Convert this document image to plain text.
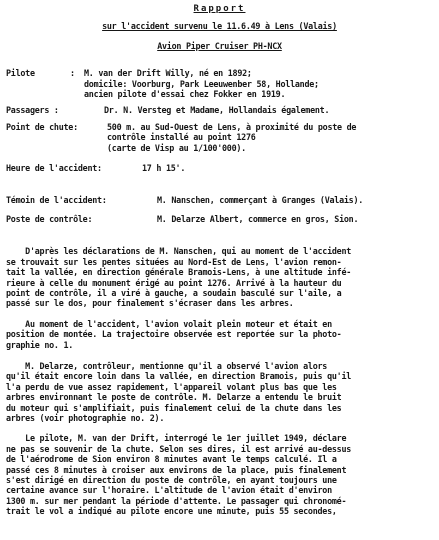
Rapport
sur l'accident survenu le 11.6.49 à Lens (Valais)
Avion Piper Cruiser PH-NCX
Pilote	:	M. van der Drift Willy, né en 1892;
domicile: Voorburg, Park Leeuwenber 58, Hollande;
ancien pilote d'essai chez Fokker en 1919.
Passagers :	Dr. N. Versteg et Madame, Hollandais également.
Point de chute:	500 m. au Sud-Ouest de Lens, à proximité du poste de
contrôle installé au point 1276
(carte de Visp au 1/100'000).
Heure de l'accident:	17 h 15'.
Témoin de l'accident:	M. Nanschen, commerçant à Granges (Valais).
Poste de contrôle:	M. Delarze Albert, commerce en gros, Sion.
D'après les déclarations de M. Nanschen, qui au moment de l'accident
se trouvait sur les pentes situées au Nord-Est de Lens, l'avion remon-
tait la vallée, en direction générale Bramois-Lens, à une altitude infé-
rieure à celle du monument érigé au point 1276. Arrivé à la hauteur du
point de contrôle, il a viré à gauche, a soudain basculé sur l'aile, a
passé sur le dos, pour finalement s'écraser dans les arbres.
Au moment de l'accident, l'avion volait plein moteur et était en
position de montée. La trajectoire observée est reportée sur la photo-
graphie no. 1.
M. Delarze, contrôleur, mentionne qu'il a observé l'avion alors
qu'il était encore loin dans la vallée, en direction Bramois, puis qu'il
l'a perdu de vue assez rapidement, l'appareil volant plus bas que les
arbres environnant le poste de contrôle. M. Delarze a entendu le bruit
du moteur qui s'amplifiait, puis finalement celui de la chute dans les
arbres (voir photographie no. 2).
Le pilote, M. van der Drift, interrogé le 1er juillet 1949, déclare
ne pas se souvenir de la chute. Selon ses dires, il est arrivé au-dessus
de l'aérodrome de Sion environ 8 minutes avant le temps calculé. Il a
passé ces 8 minutes à croiser aux environs de la place, puis finalement
s'est dirigé en direction du poste de contrôle, en ayant toujours une
certaine avance sur l'horaire. L'altitude de l'avion était d'environ
1300 m. sur mer pendant la période d'attente. Le passager qui chronomé-
trait le vol a indiqué au pilote encore une minute, puis 55 secondes,
